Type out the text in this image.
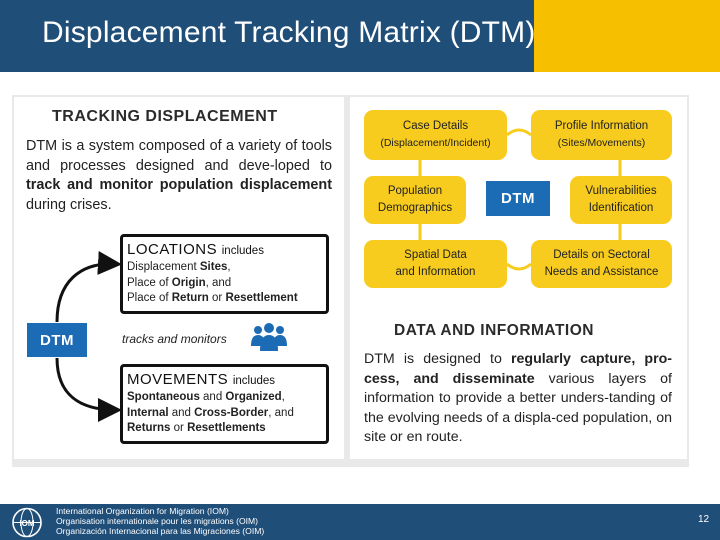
Displacement Tracking Matrix (DTM)
TRACKING DISPLACEMENT
DTM is a system composed of a variety of tools and processes designed and deve-loped to track and monitor population displacement during crises.
LOCATIONS includes
Displacement Sites,
Place of Origin, and
Place of Return or Resettlement
DTM	tracks and monitors
MOVEMENTS includes
Spontaneous and Organized,
Internal and Cross-Border, and
Returns or Resettlements
Case Details
(Displacement/Incident)
Profile Information
(Sites/Movements)
Population
Demographics
DTM	Vulnerabilities
Identification
Spatial Data
and Information
Details on Sectoral
Needs and Assistance
DATA AND INFORMATION
DTM is designed to regularly capture, pro-cess, and disseminate various layers of information to provide a better unders-tanding of the evolving needs of a displa-ced population, on site or en route.
IOM
International Organization for Migration (IOM)
Organisation internationale pour les migrations (OIM)
Organización Internacional para las Migraciones (OIM)
12
